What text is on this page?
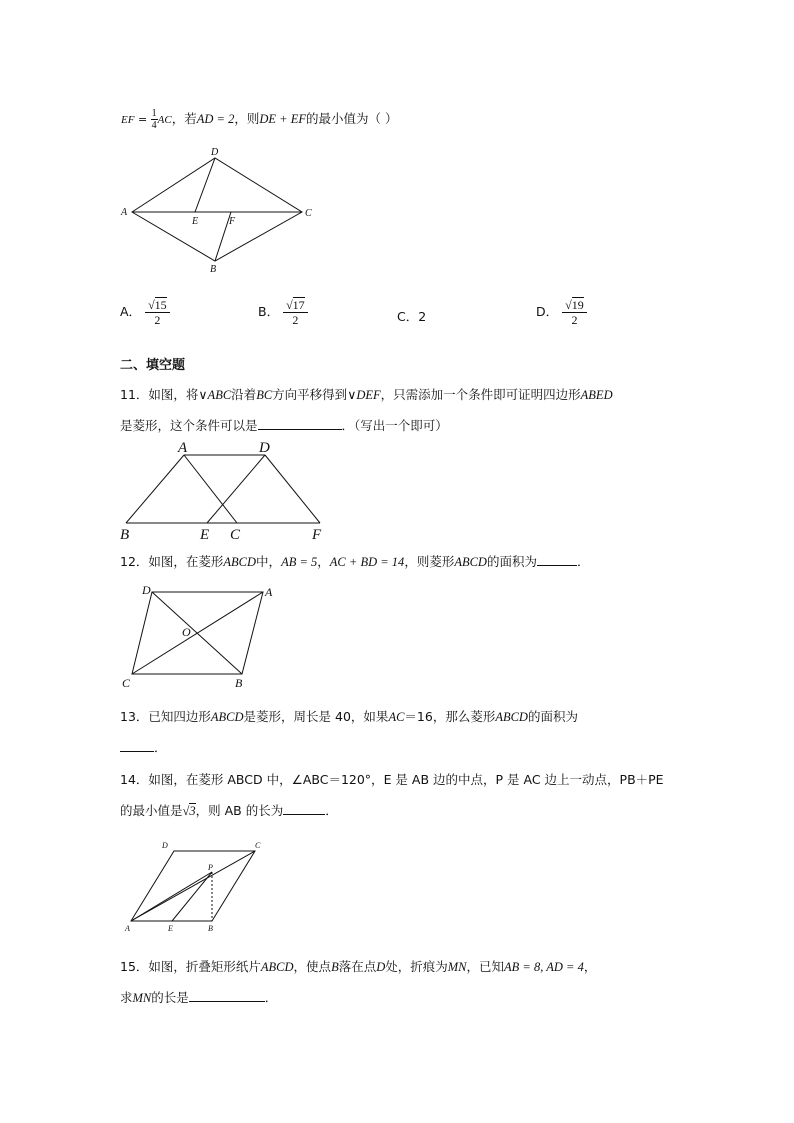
EF = $\frac{1}{4}$ AC，若AD = 2，则DE + EF的最小值为（ ）
A
D
C
B
E	F
A． $\frac{√15}{2}$	B． $\frac{√17}{2}$	C．2	D． $\frac{√19}{2}$
二、填空题
11．如图，将∨ABC沿着BC方向平移得到∨DEF，只需添加一个条件即可证明四边形ABED
是菱形，这个条件可以是	．（写出一个即可）
A	D
B	E C	F
12．如图，在菱形ABCD中，AB = 5，AC + BD = 14，则菱形ABCD的面积为	．
D	A
O
C	B
13．已知四边形ABCD是菱形，周长是 40，如果AC＝16，那么菱形ABCD的面积为
．
14．如图，在菱形 ABCD 中，∠ABC＝120°，E 是 AB 边的中点，P 是 AC 边上一动点，PB＋PE
的最小值是√3，则 AB 的长为	．
D	C
P
A	E	B
15．如图，折叠矩形纸片ABCD，使点B落在点D处，折痕为MN，已知AB = 8, AD = 4，
求MN的长是	．
